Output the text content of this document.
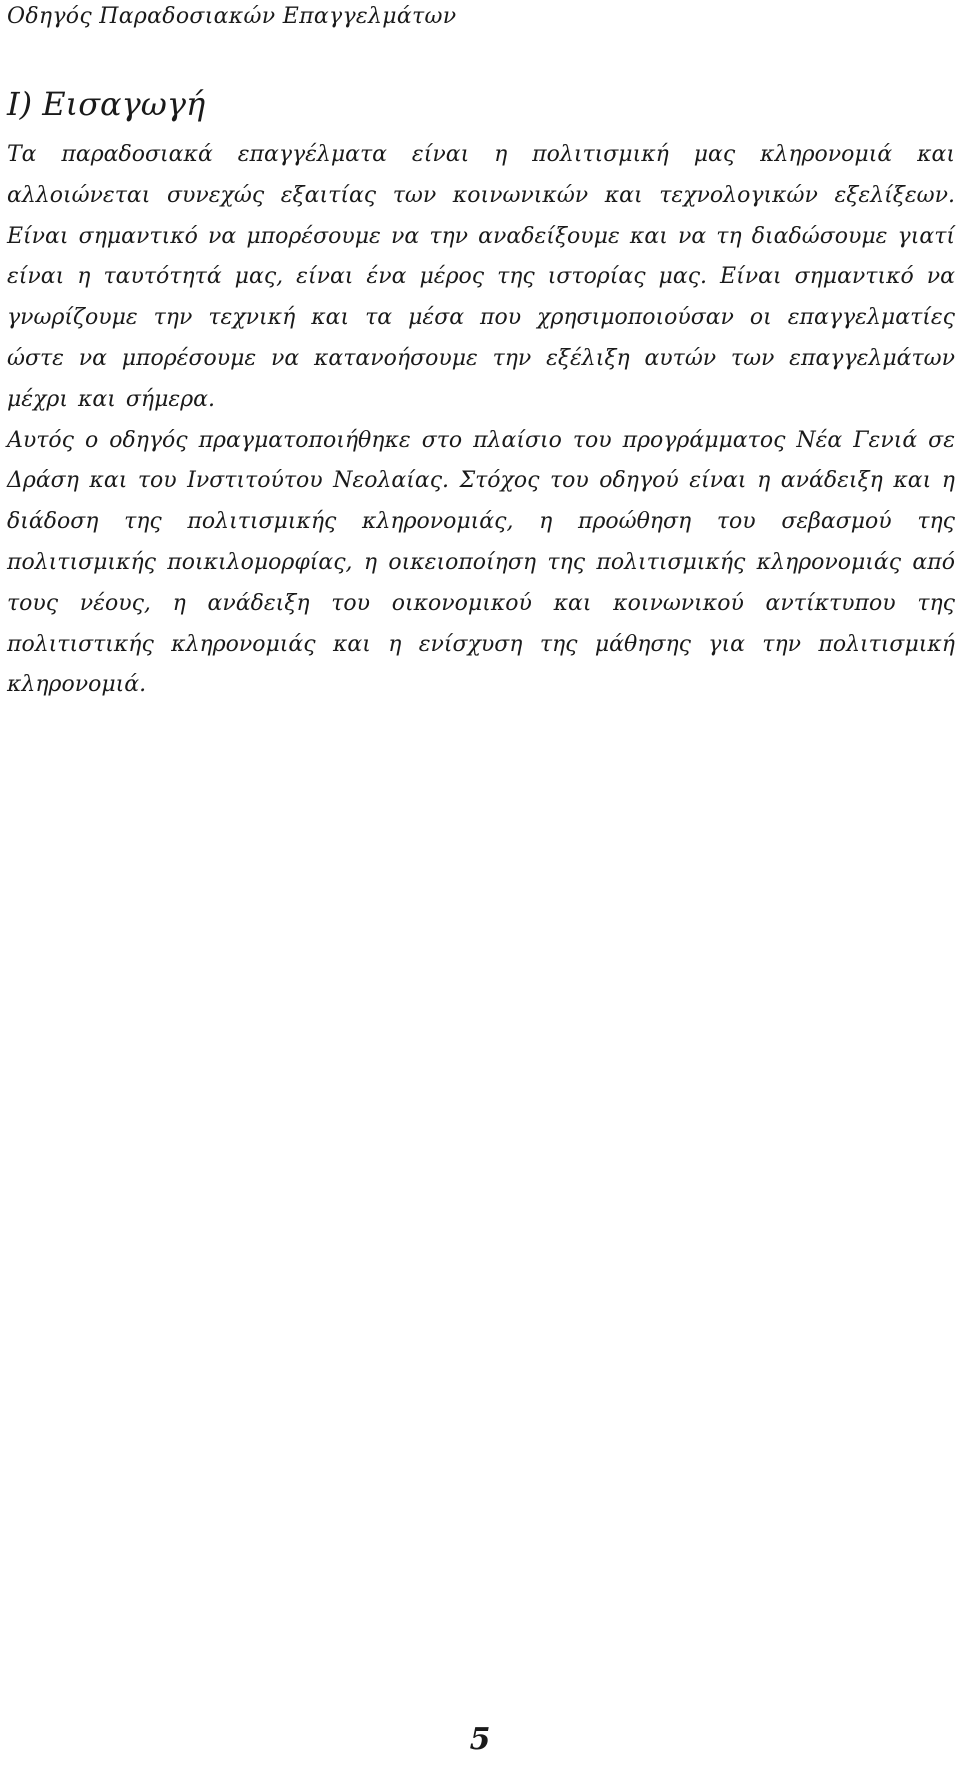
Οδηγός Παραδοσιακών Επαγγελμάτων
Ι) Εισαγωγή

Τα παραδοσιακά επαγγέλματα είναι η πολιτισμική μας κληρονομιά και αλλοιώνεται συνεχώς εξαιτίας των κοινωνικών και τεχνολογικών εξελίξεων. Είναι σημαντικό να μπορέσουμε να την αναδείξουμε και να τη διαδώσουμε γιατί είναι η ταυτότητά μας, είναι ένα μέρος της ιστορίας μας. Είναι σημαντικό να γνωρίζουμε την τεχνική και τα μέσα που χρησιμοποιούσαν οι επαγγελματίες ώστε να μπορέσουμε να κατανοήσουμε την εξέλιξη αυτών των επαγγελμάτων μέχρι και σήμερα.

Αυτός ο οδηγός πραγματοποιήθηκε στο πλαίσιο του προγράμματος Νέα Γενιά σε Δράση και του Ινστιτούτου Νεολαίας. Στόχος του οδηγού είναι η ανάδειξη και η διάδοση της πολιτισμικής κληρονομιάς, η προώθηση του σεβασμού της πολιτισμικής ποικιλομορφίας, η οικειοποίηση της πολιτισμικής κληρονομιάς από τους νέους, η ανάδειξη του οικονομικού και κοινωνικού αντίκτυπου της πολιτιστικής κληρονομιάς και η ενίσχυση της μάθησης για την πολιτισμική κληρονομιά.

5
